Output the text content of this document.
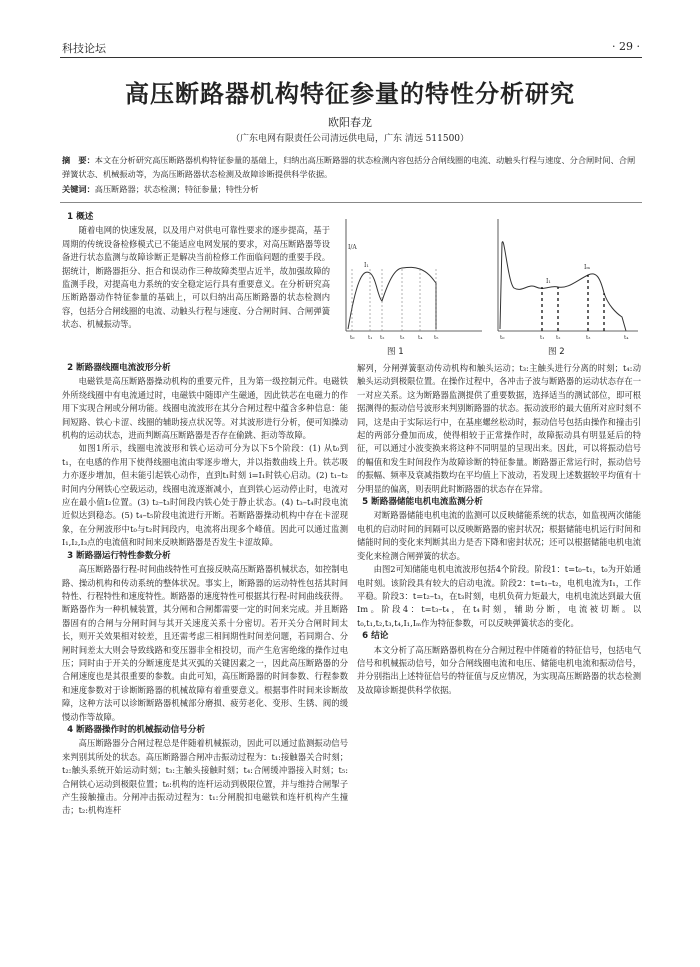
科技论坛	· 29 ·
高压断路器机构特征参量的特性分析研究
欧阳春龙
（广东电网有限责任公司清远供电局，广东 清远 511500）
摘　要：本文在分析研究高压断路器机构特征参量的基础上，归纳出高压断路器的状态检测内容包括分合闸线圈的电流、动触头行程与速度、分合闸时间、合闸弹簧状态、机械振动等，为高压断路器状态检测及故障诊断提供科学依据。
关键词：高压断路器；状态检测；特征参量；特性分析
1 概述

随着电网的快速发展，以及用户对供电可靠性要求的逐步提高，基于周期的传统设备检修模式已不能适应电网发展的要求，对高压断路器等设备进行状态监测与故障诊断正是解决当前检修工作面临问题的重要手段。据统计，断路器拒分、拒合和误动作三种故障类型占近半，故加强故障的监测手段，对提高电力系统的安全稳定运行具有重要意义。在分析研究高压断路器动作特征参量的基础上，可以归纳出高压断路器的状态检测内容，包括分合闸线圈的电流、动触头行程与速度、分合闸时间、合闸弹簧状态、机械振动等。

I/A
I₁
t₀ t₁ t₂	t₃ t₄ t₅
图 1
Iₘ
I₁
t₀	t₁ t₂	t₃	t₄
图 2
2 断路器线圈电流波形分析

电磁铁是高压断路器操动机构的重要元件，且为第一级控制元件。电磁铁外所绕线圈中有电流通过时，电磁铁中随即产生磁通，因此铁芯在电磁力的作用下实现合闸或分闸功能。线圈电流波形在其分合闸过程中蕴含多种信息：能间短路、铁心卡涩、线圈的辅助接点状况等。对其波形进行分析，便可知操动机构的运动状态，进而判断高压断路器是否存在偷跳、拒动等故障。

如图1所示，线圈电流波形和铁心运动可分为以下5个阶段：(1) 从t₀到t₁，在电感的作用下使得线圈电流由零逐步增大，并以指数曲线上升。铁芯吸力亦逐步增加，但未能引起铁心动作，直到t₁时刻 i=I₁时铁心启动。(2) t₁–t₂时间内分闸铁心空载运动，线圈电流逐渐减小，直到铁心运动停止时，电流对应在最小值I₂位置。(3) t₂–t₃时间段内铁心处于静止状态。(4) t₃–t₄时段电流近似达到稳态。(5) t₄–t₅阶段电流进行开断。若断路器操动机构中存在卡涩现象，在分闸波形中t₀与t₂时间段内，电流将出现多个峰值。因此可以通过监测I₁,I₂,I₃点的电流值和时间来反映断路器是否发生卡涩故障。

3 断路器运行特性参数分析

高压断路器行程-时间曲线特性可直接反映高压断路器机械状态，如控制电路、操动机构和传动系统的整体状况。事实上，断路器的运动特性包括其时间特性、行程特性和速度特性。断路器的速度特性可根据其行程-时间曲线获得。断路器作为一种机械装置，其分闸和合闸都需要一定的时间来完成。并且断路器固有的合闸与分闸时间与其开关速度关系十分密切。若开关分合闸时间太长，则开关效果相对较差，且还需考虑三相间期性时间差问题，若同期合、分闸时间差太大则会导致线路和变压器非全相投切，而产生危害绝缘的操作过电压；同时由于开关的分断速度是其灭弧的关键因素之一，因此高压断路器的分合闸速度也是其很重要的参数。由此可知，高压断路器的时间参数、行程参数和速度参数对于诊断断路器的机械故障有着重要意义。根据事件时间来诊断故障，这种方法可以诊断断路器机械部分磨损、疲劳老化、变形、生锈、阀的缓慢动作等故障。

4 断路器操作时的机械振动信号分析

高压断路器分合闸过程总是伴随着机械振动，因此可以通过监测振动信号来判别其所处的状态。高压断路器合闸冲击振动过程为：t₁:接触器关合时刻；t₂:触头系统开始运动时刻；t₃:主触头接触时刻；t₄:合闸缓冲器接入时刻；t₅:合闸铁心运动到极限位置；t₆:机构的连杆运动到极限位置，并与维持合闸掣子产生接触撞击。分闸冲击振动过程为：t₁:分闸脱扣电磁铁和连杆机构产生撞击；t₂:机构连杆

解列，分闸弹簧驱动传动机构和触头运动；t₃:主触头进行分离的时刻；t₄:动触头运动到极限位置。在操作过程中，各冲击子波与断路器的运动状态存在一一对应关系。这为断路器监测提供了重要数据，选择适当的测试部位，即可根据测得的振动信号波形来判别断路器的状态。振动波形的最大值所对应时刻不同，这是由于实际运行中，在基座螺丝松动时，振动信号包括由操作和撞击引起的两部分叠加而成，使得相较于正常操作时，故障振动具有明显延后的特征，可以通过小波变换来将这种不同明显的呈现出来。因此，可以将振动信号的幅值和发生时间段作为故障诊断的特征参量。断路器正常运行时，振动信号的振幅、频率及衰减指数均在平均值上下波动，若发现上述数据较平均值有十分明显的偏离，则表明此时断路器的状态存在异常。

5 断路器储能电机电流监测分析

对断路器储能电机电流的监测可以反映储能系统的状态，如监视两次储能电机的启动时间的间隔可以反映断路器的密封状况；根据储能电机运行时间和储能时间的变化来判断其出力是否下降和密封状况；还可以根据储能电机电流变化来检测合闸弹簧的状态。

由图2可知储能电机电流波形包括4个阶段。阶段1：t=t₀–t₁，t₀为开始通电时刻。该阶段具有较大的启动电流。阶段2：t=t₁–t₂，电机电流为I₁，工作平稳。阶段3：t=t₂–t₃，在t₃时刻，电机负荷力矩最大，电机电流达到最大值Im。阶段4：t=t₃–t₄，在t₄时刻，辅助分断，电流被切断。以t₀,t₁,t₂,t₃,t₄,I₁,Iₘ作为特征参数，可以反映弹簧状态的变化。

6 结论

本文分析了高压断路器机构在分合闸过程中伴随着的特征信号，包括电气信号和机械振动信号，如分合闸线圈电流和电压、储能电机电流和振动信号，并分别指出上述特征信号的特征值与反应情况，为实现高压断路器的状态检测及故障诊断提供科学依据。
